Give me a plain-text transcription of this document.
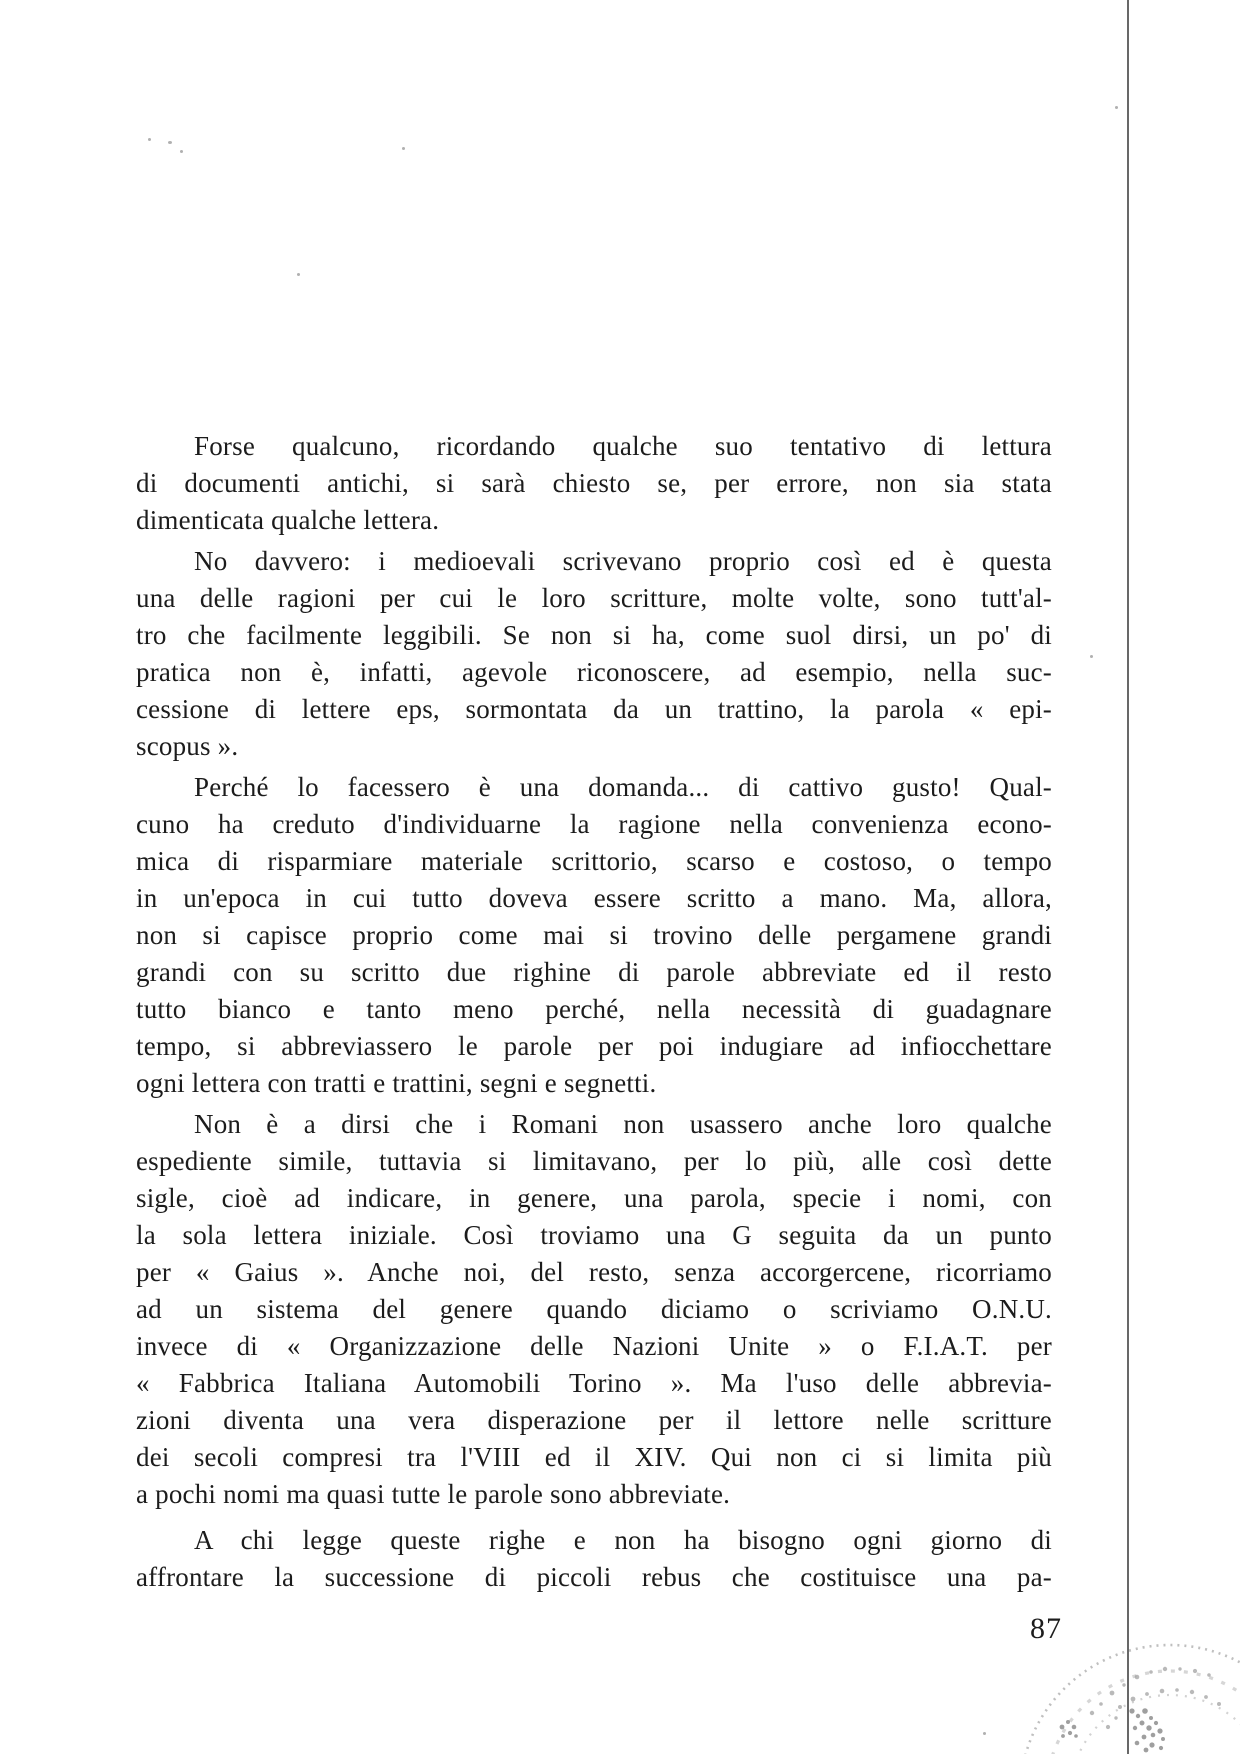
Forse qualcuno, ricordando qualche suo tentativo di lettura
di documenti antichi, si sarà chiesto se, per errore, non sia stata
dimenticata qualche lettera.
No davvero: i medioevali scrivevano proprio così ed è questa
una delle ragioni per cui le loro scritture, molte volte, sono tutt'al-
tro che facilmente leggibili. Se non si ha, come suol dirsi, un po' di
pratica non è, infatti, agevole riconoscere, ad esempio, nella suc-
cessione di lettere eps, sormontata da un trattino, la parola « epi-
scopus ».
Perché lo facessero è una domanda... di cattivo gusto! Qual-
cuno ha creduto d'individuarne la ragione nella convenienza econo-
mica di risparmiare materiale scrittorio, scarso e costoso, o tempo
in un'epoca in cui tutto doveva essere scritto a mano. Ma, allora,
non si capisce proprio come mai si trovino delle pergamene grandi
grandi con su scritto due righine di parole abbreviate ed il resto
tutto bianco e tanto meno perché, nella necessità di guadagnare
tempo, si abbreviassero le parole per poi indugiare ad infiocchettare
ogni lettera con tratti e trattini, segni e segnetti.
Non è a dirsi che i Romani non usassero anche loro qualche
espediente simile, tuttavia si limitavano, per lo più, alle così dette
sigle, cioè ad indicare, in genere, una parola, specie i nomi, con
la sola lettera iniziale. Così troviamo una G seguita da un punto
per « Gaius ». Anche noi, del resto, senza accorgercene, ricorriamo
ad un sistema del genere quando diciamo o scriviamo O.N.U.
invece di « Organizzazione delle Nazioni Unite » o F.I.A.T. per
« Fabbrica Italiana Automobili Torino ». Ma l'uso delle abbrevia-
zioni diventa una vera disperazione per il lettore nelle scritture
dei secoli compresi tra l'VIII ed il XIV. Qui non ci si limita più
a pochi nomi ma quasi tutte le parole sono abbreviate.
A chi legge queste righe e non ha bisogno ogni giorno di
affrontare la successione di piccoli rebus che costituisce una pa-
87
